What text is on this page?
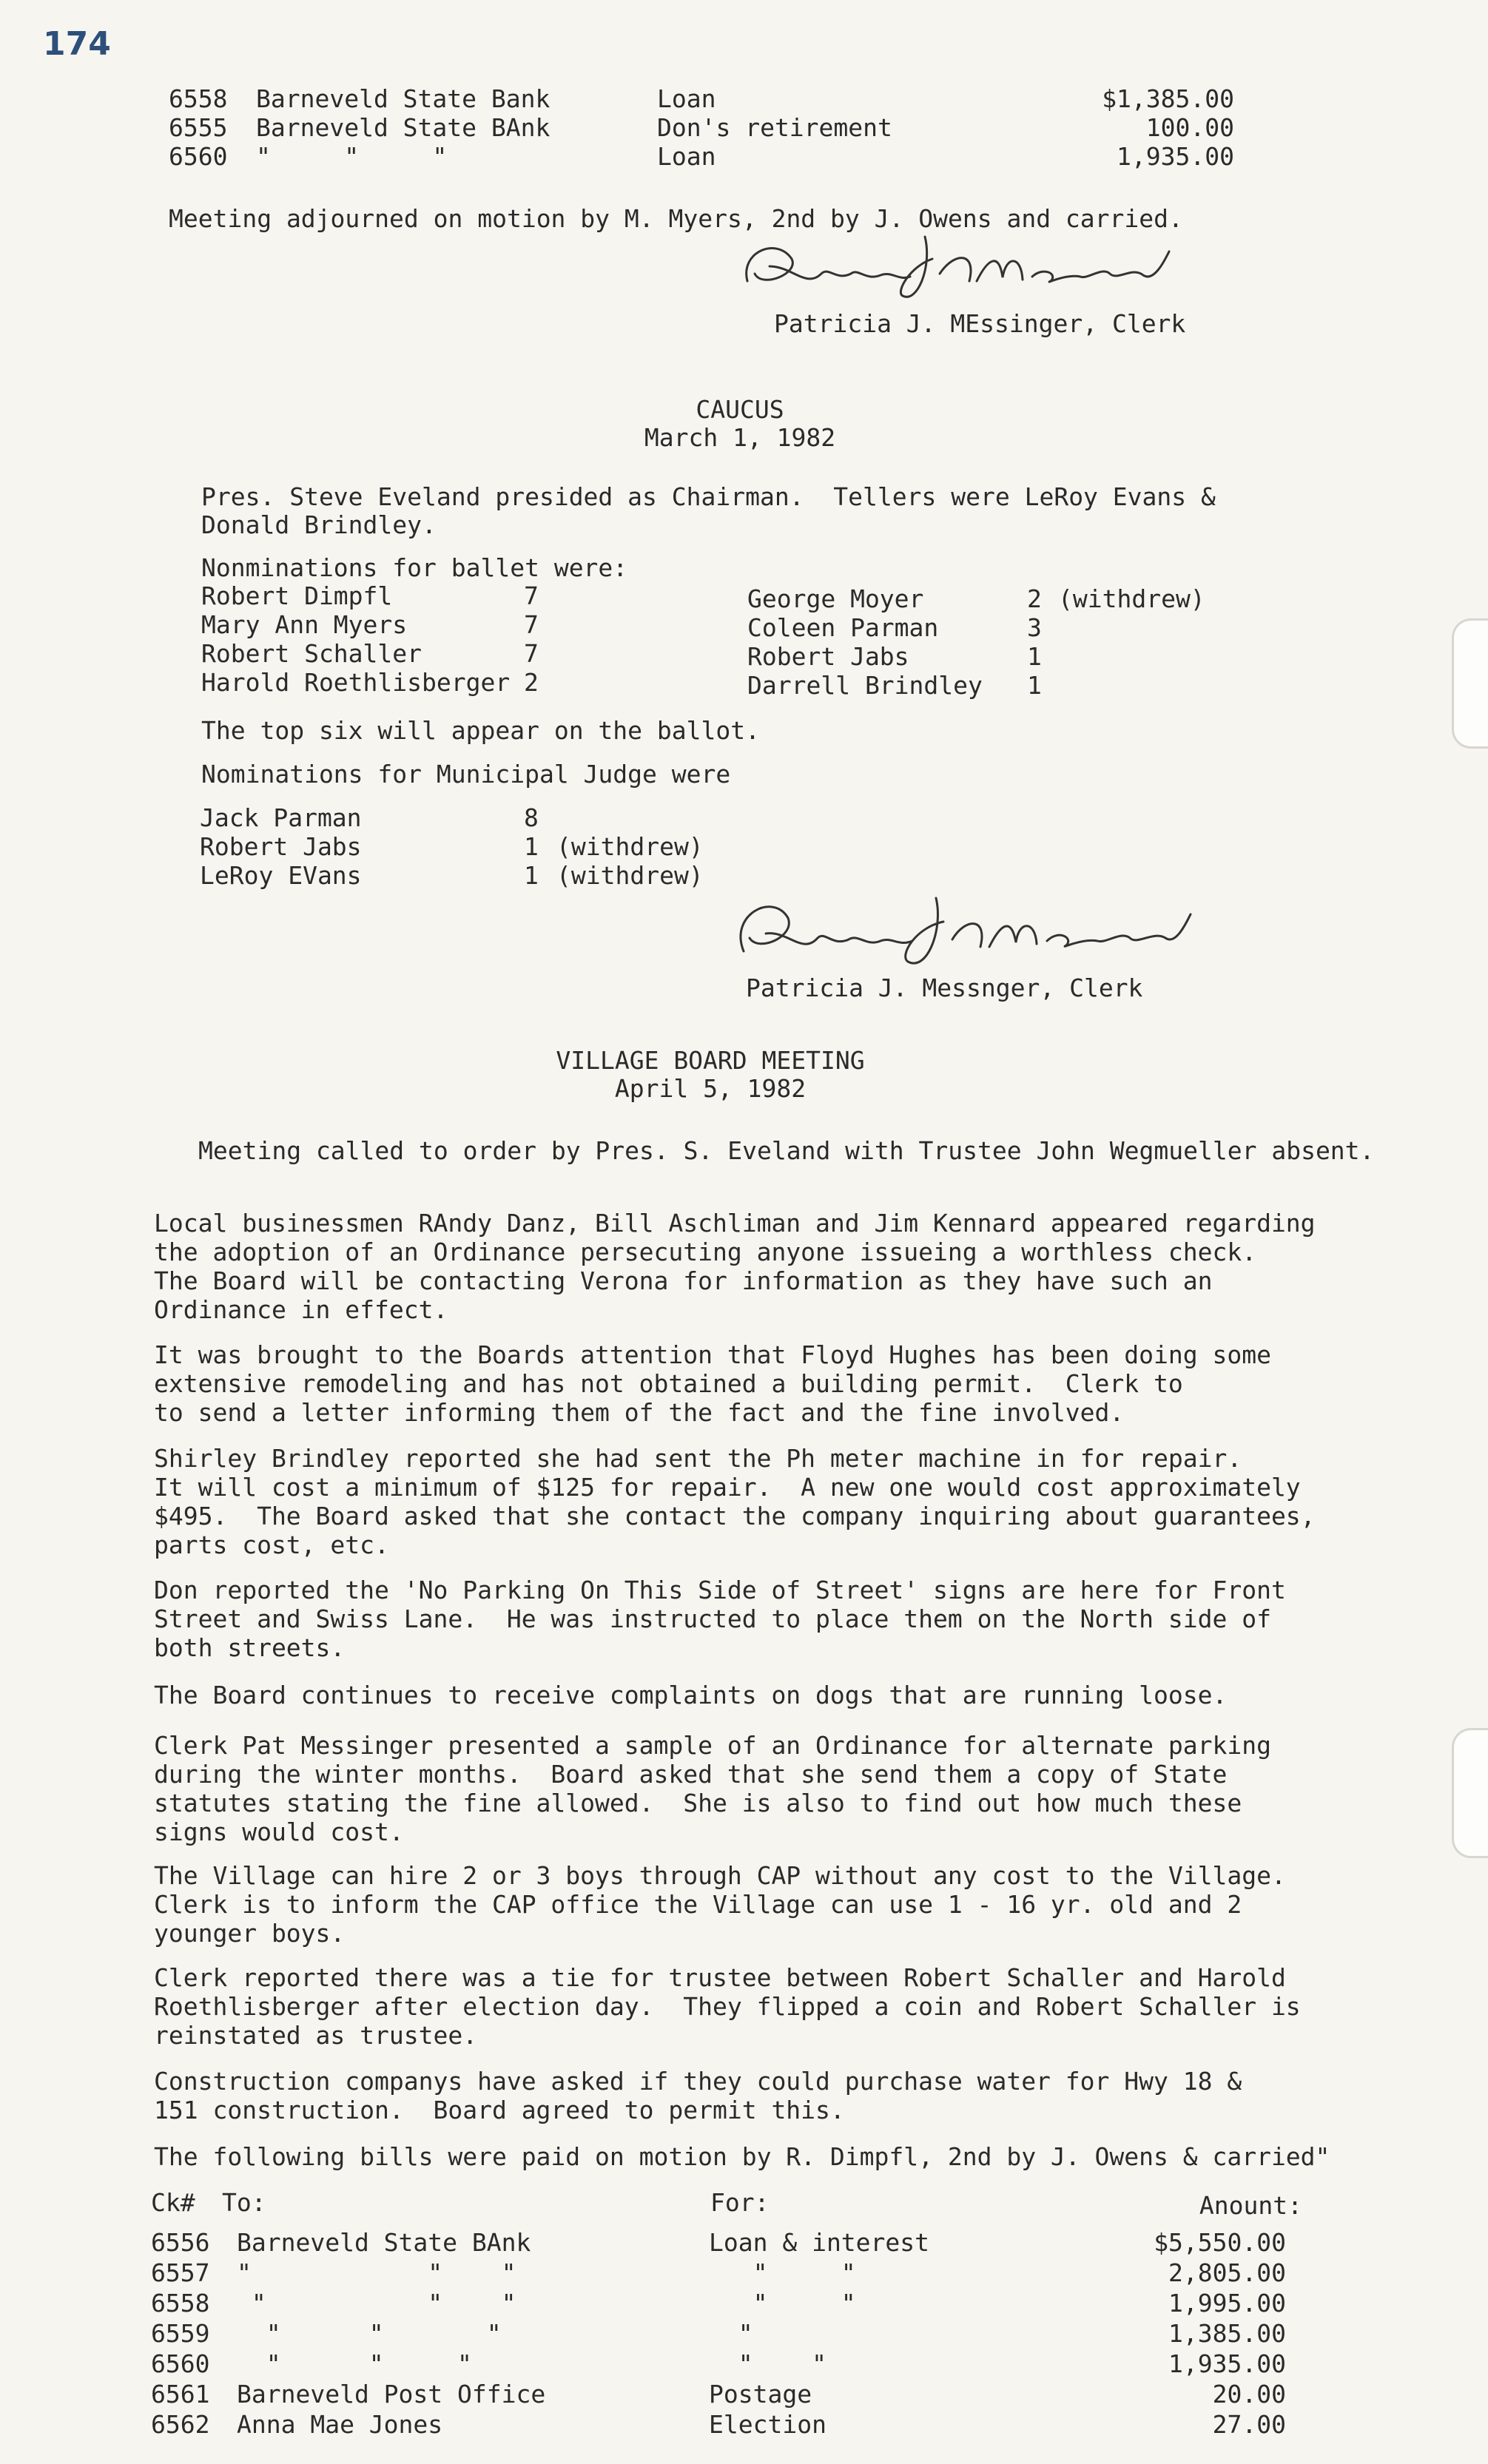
174
6558 Barneveld State Bank	Loan	$1,385.00
6555 Barneveld State BAnk	Don's retirement	100.00
6560 "     "     "	Loan	1,935.00
Meeting adjourned on motion by M. Myers, 2nd by J. Owens and carried.
Patricia J. MEssinger, Clerk
CAUCUS
March 1, 1982
Pres. Steve Eveland presided as Chairman.  Tellers were LeRoy Evans &
Donald Brindley.
Nonminations for ballet were:
Robert Dimpfl	7
Mary Ann Myers	7
Robert Schaller	7
Harold Roethlisberger 2
George Moyer	2 (withdrew)
Coleen Parman	3
Robert Jabs	1
Darrell Brindley 1
The top six will appear on the ballot.
Nominations for Municipal Judge were
Jack Parman	8
Robert Jabs	1 (withdrew)
LeRoy EVans	1 (withdrew)
Patricia J. Messnger, Clerk
VILLAGE BOARD MEETING
April 5, 1982
Meeting called to order by Pres. S. Eveland with Trustee John Wegmueller absent.
Local businessmen RAndy Danz, Bill Aschliman and Jim Kennard appeared regarding
the adoption of an Ordinance persecuting anyone issueing a worthless check.
The Board will be contacting Verona for information as they have such an
Ordinance in effect.
It was brought to the Boards attention that Floyd Hughes has been doing some
extensive remodeling and has not obtained a building permit.  Clerk to
to send a letter informing them of the fact and the fine involved.
Shirley Brindley reported she had sent the Ph meter machine in for repair.
It will cost a minimum of $125 for repair.  A new one would cost approximately
$495.  The Board asked that she contact the company inquiring about guarantees,
parts cost, etc.
Don reported the 'No Parking On This Side of Street' signs are here for Front
Street and Swiss Lane.  He was instructed to place them on the North side of
both streets.
The Board continues to receive complaints on dogs that are running loose.
Clerk Pat Messinger presented a sample of an Ordinance for alternate parking
during the winter months.  Board asked that she send them a copy of State
statutes stating the fine allowed.  She is also to find out how much these
signs would cost.
The Village can hire 2 or 3 boys through CAP without any cost to the Village.
Clerk is to inform the CAP office the Village can use 1 - 16 yr. old and 2
younger boys.
Clerk reported there was a tie for trustee between Robert Schaller and Harold
Roethlisberger after election day.  They flipped a coin and Robert Schaller is
reinstated as trustee.
Construction companys have asked if they could purchase water for Hwy 18 &
151 construction.  Board agreed to permit this.
The following bills were paid on motion by R. Dimpfl, 2nd by J. Owens & carried"
Ck# To:	For:	Anount:
6556 Barneveld State BAnk	Loan & interest	$5,550.00
6557 "            "    "	"     "	2,805.00
6558 "           "    "	"     "	1,995.00
6559 "      "       "	"	1,385.00
6560 "      "     "	"    "	1,935.00
6561 Barneveld Post Office	Postage	20.00
6562 Anna Mae Jones	Election	27.00
